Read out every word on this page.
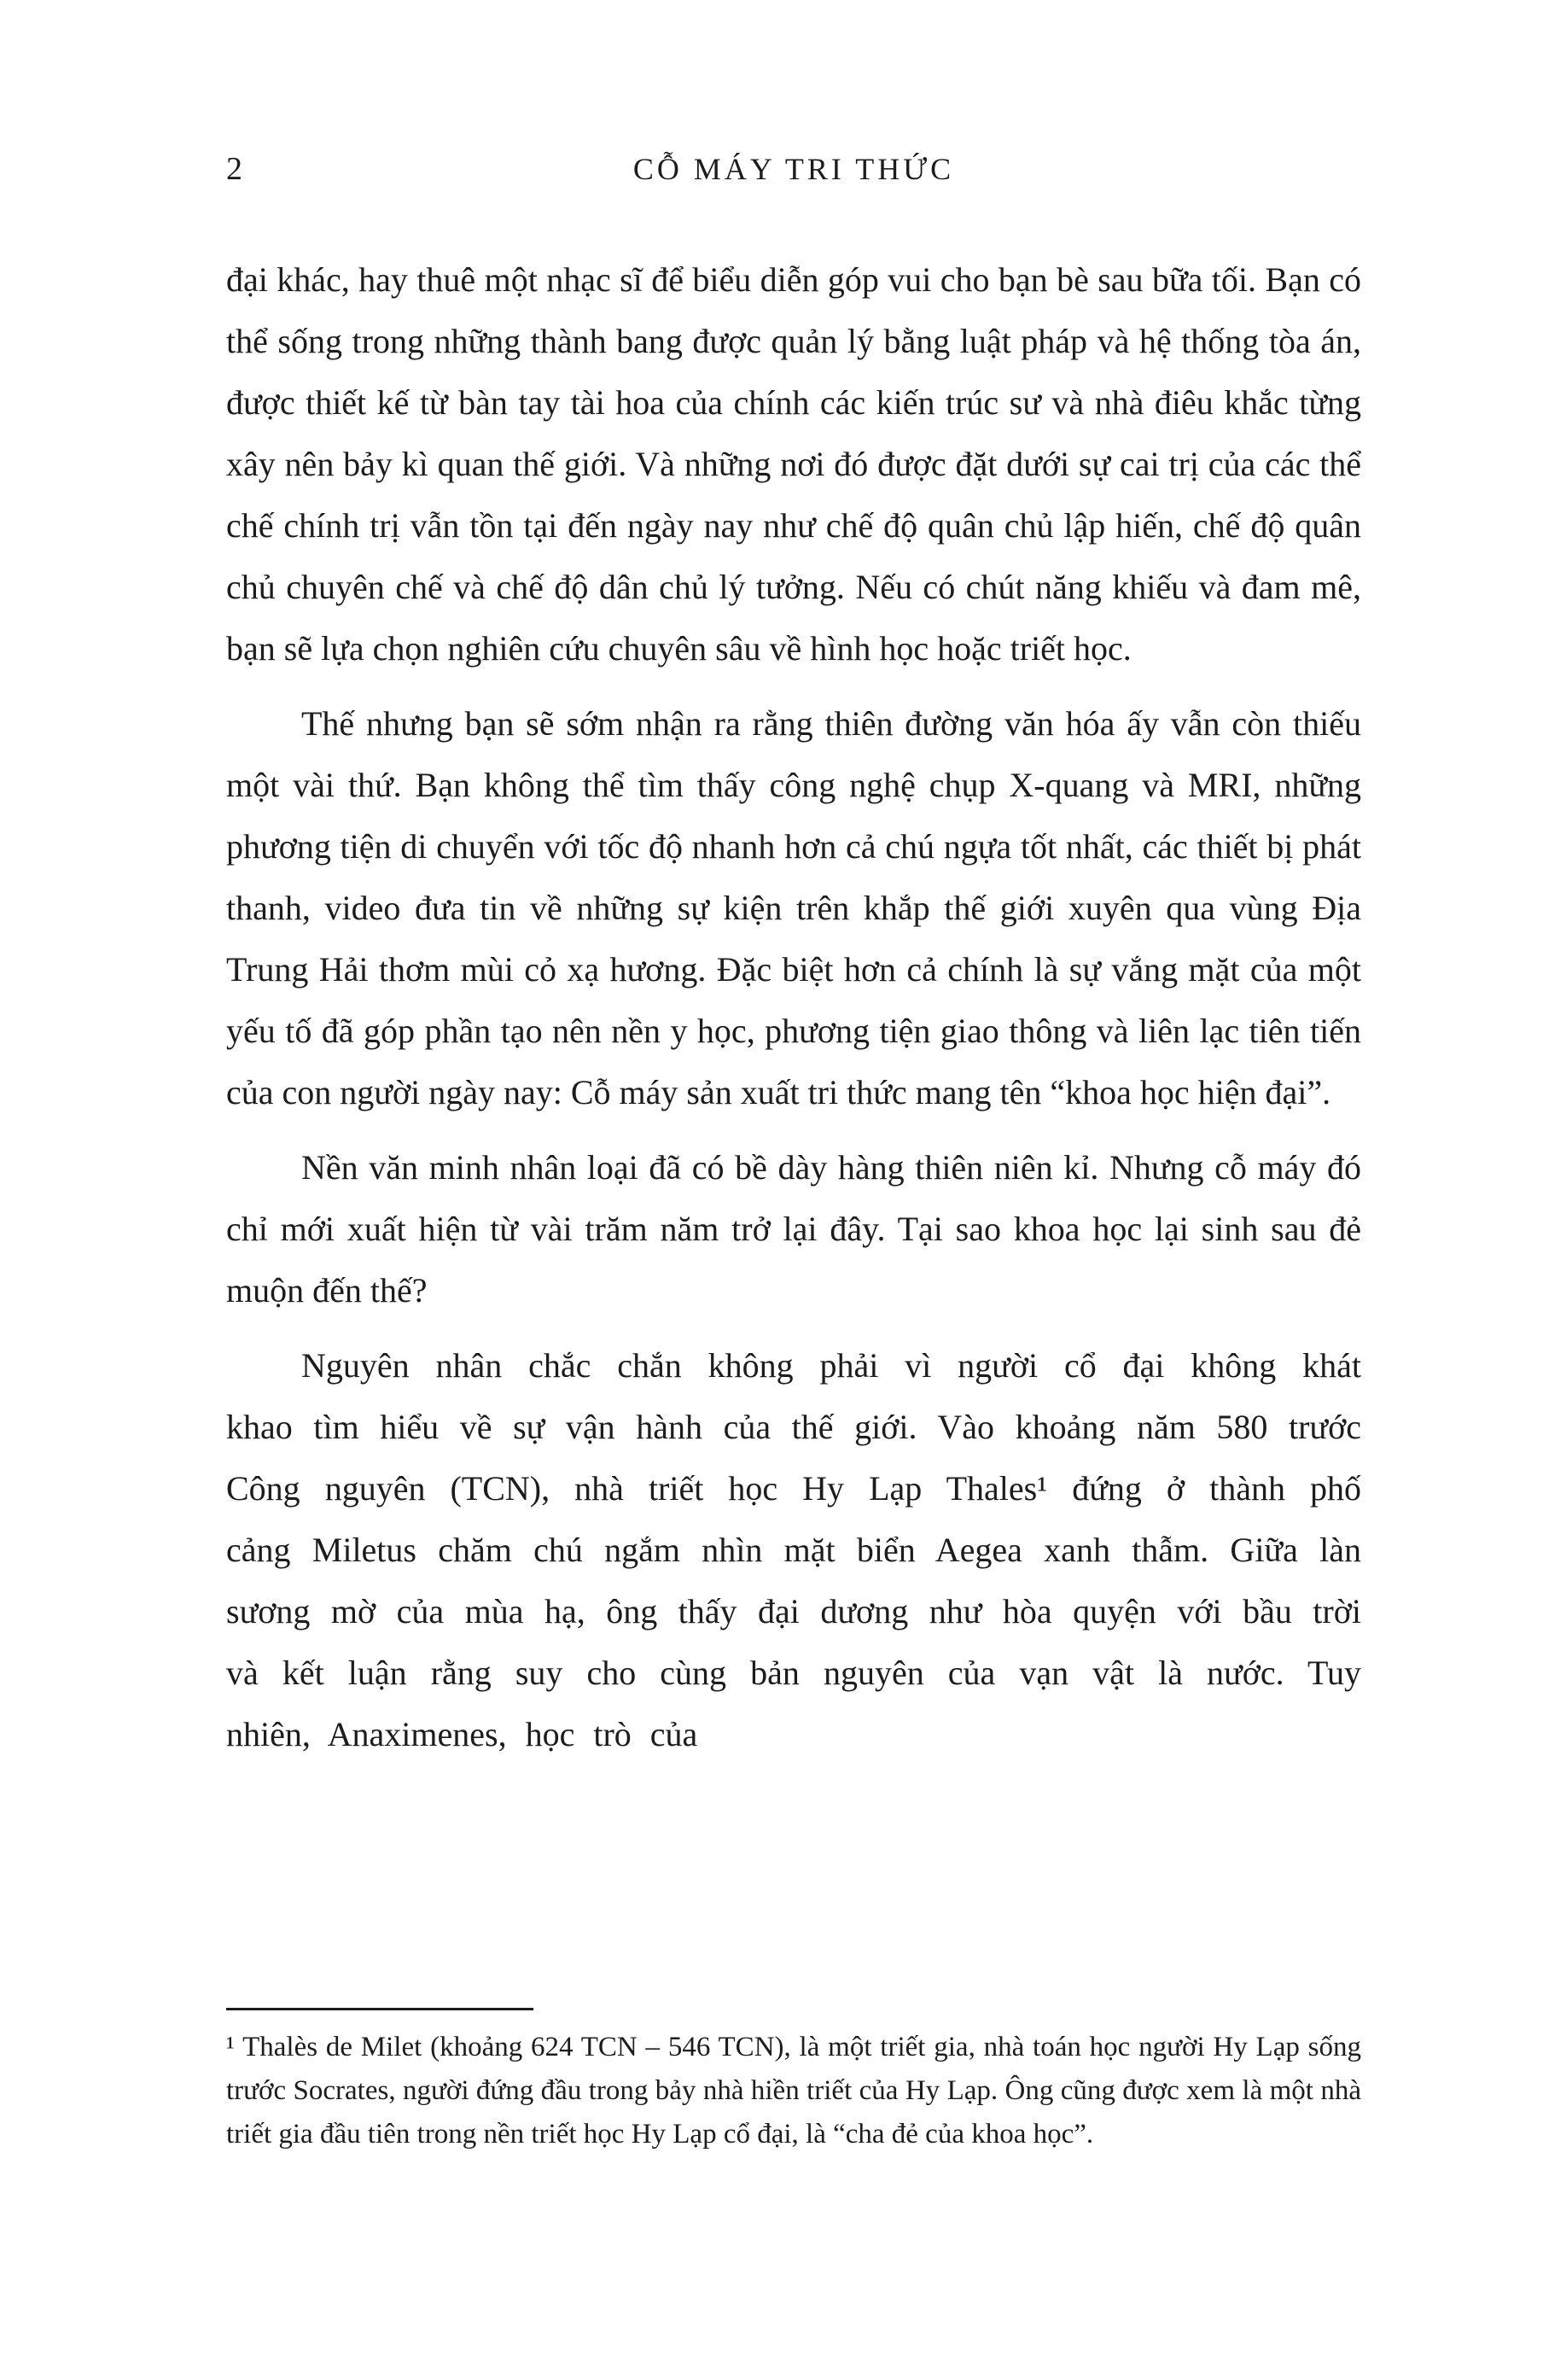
2	CỖ MÁY TRI THỨC

đại khác, hay thuê một nhạc sĩ để biểu diễn góp vui cho bạn bè sau bữa tối. Bạn có thể sống trong những thành bang được quản lý bằng luật pháp và hệ thống tòa án, được thiết kế từ bàn tay tài hoa của chính các kiến trúc sư và nhà điêu khắc từng xây nên bảy kì quan thế giới. Và những nơi đó được đặt dưới sự cai trị của các thể chế chính trị vẫn tồn tại đến ngày nay như chế độ quân chủ lập hiến, chế độ quân chủ chuyên chế và chế độ dân chủ lý tưởng. Nếu có chút năng khiếu và đam mê, bạn sẽ lựa chọn nghiên cứu chuyên sâu về hình học hoặc triết học.

Thế nhưng bạn sẽ sớm nhận ra rằng thiên đường văn hóa ấy vẫn còn thiếu một vài thứ. Bạn không thể tìm thấy công nghệ chụp X-quang và MRI, những phương tiện di chuyển với tốc độ nhanh hơn cả chú ngựa tốt nhất, các thiết bị phát thanh, video đưa tin về những sự kiện trên khắp thế giới xuyên qua vùng Địa Trung Hải thơm mùi cỏ xạ hương. Đặc biệt hơn cả chính là sự vắng mặt của một yếu tố đã góp phần tạo nên nền y học, phương tiện giao thông và liên lạc tiên tiến của con người ngày nay: Cỗ máy sản xuất tri thức mang tên “khoa học hiện đại”.

Nền văn minh nhân loại đã có bề dày hàng thiên niên kỉ. Nhưng cỗ máy đó chỉ mới xuất hiện từ vài trăm năm trở lại đây. Tại sao khoa học lại sinh sau đẻ muộn đến thế?

Nguyên nhân chắc chắn không phải vì người cổ đại không khát khao tìm hiểu về sự vận hành của thế giới. Vào khoảng năm 580 trước Công nguyên (TCN), nhà triết học Hy Lạp Thales¹ đứng ở thành phố cảng Miletus chăm chú ngắm nhìn mặt biển Aegea xanh thẫm. Giữa làn sương mờ của mùa hạ, ông thấy đại dương như hòa quyện với bầu trời và kết luận rằng suy cho cùng bản nguyên của vạn vật là nước. Tuy nhiên, Anaximenes, học trò của

¹ Thalès de Milet (khoảng 624 TCN – 546 TCN), là một triết gia, nhà toán học người Hy Lạp sống trước Socrates, người đứng đầu trong bảy nhà hiền triết của Hy Lạp. Ông cũng được xem là một nhà triết gia đầu tiên trong nền triết học Hy Lạp cổ đại, là “cha đẻ của khoa học”.
